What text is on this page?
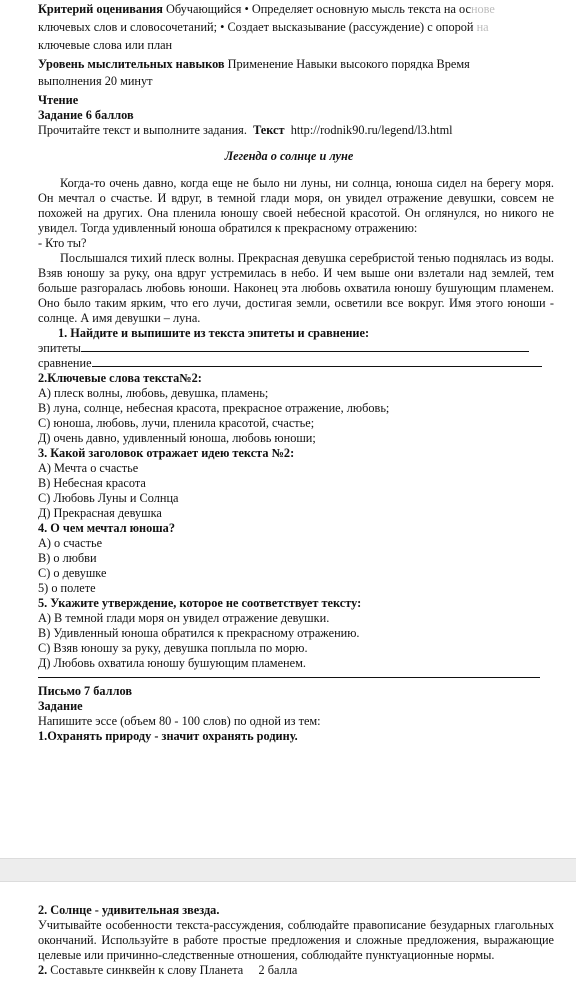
Критерий оценивания Обучающийся • Определяет основную мысль текста на основе
ключевых слов и словосочетаний; • Создает высказывание (рассуждение) с опорой на
ключевые слова или план
Уровень мыслительных навыков Применение Навыки высокого порядка Время
выполнения 20 минут
Чтение
Задание 6 баллов
Прочитайте текст и выполните задания. Текст http://rodnik90.ru/legend/l3.html
Легенда о солнце и луне
Когда-то очень давно, когда еще не было ни луны, ни солнца, юноша сидел на берегу моря. Он мечтал о счастье. И вдруг, в темной глади моря, он увидел отражение девушки, совсем не похожей на других. Она пленила юношу своей небесной красотой. Он оглянулся, но никого не увидел. Тогда удивленный юноша обратился к прекрасному отражению:
- Кто ты?
Послышался тихий плеск волны. Прекрасная девушка серебристой тенью поднялась из воды. Взяв юношу за руку, она вдруг устремилась в небо. И чем выше они взлетали над землей, тем больше разгоралась любовь юноши. Наконец эта любовь охватила юношу бушующим пламенем. Оно было таким ярким, что его лучи, достигая земли, осветили все вокруг. Имя этого юноши - солнце. А имя девушки – луна.
1. Найдите и выпишите из текста эпитеты и сравнение:
эпитеты
сравнение
2.Ключевые слова текста№2:
А) плеск волны, любовь, девушка, пламень;
В) луна, солнце, небесная красота, прекрасное отражение, любовь;
С) юноша, любовь, лучи, пленила красотой, счастье;
Д) очень давно, удивленный юноша, любовь юноши;
3. Какой заголовок отражает идею текста №2:
А) Мечта о счастье
В) Небесная красота
С) Любовь Луны и Солнца
Д) Прекрасная девушка
4. О чем мечтал юноша?
А) о счастье
В) о любви
С) о девушке
5) о полете
5. Укажите утверждение, которое не соответствует тексту:
А) В темной глади моря он увидел отражение девушки.
В) Удивленный юноша обратился к прекрасному отражению.
С) Взяв юношу за руку, девушка поплыла по морю.
Д) Любовь охватила юношу бушующим пламенем.
Письмо 7 баллов
Задание
Напишите эссе (объем 80 - 100 слов) по одной из тем:
1.Охранять природу - значит охранять родину.
2. Солнце - удивительная звезда.
Учитывайте особенности текста-рассуждения, соблюдайте правописание безударных глагольных окончаний. Используйте в работе простые предложения и сложные предложения, выражающие целевые или причинно-следственные отношения, соблюдайте пунктуационные нормы.
2. Составьте синквейн к слову Планета     2 балла
